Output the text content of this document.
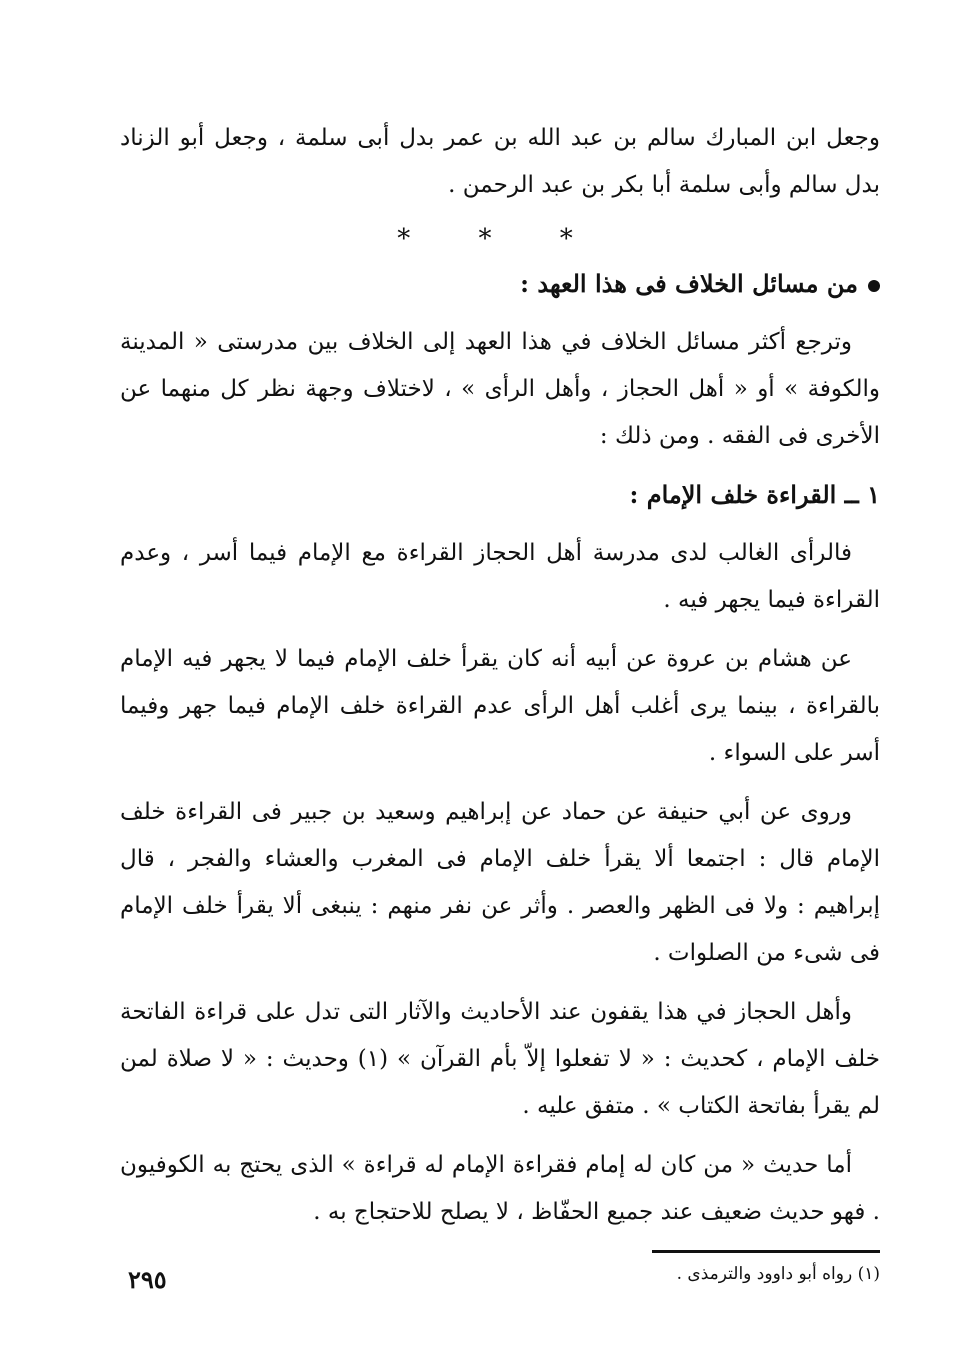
وجعل ابن المبارك سالم بن عبد الله بن عمر بدل أبى سلمة ، وجعل أبو الزناد بدل سالم وأبى سلمة أبا بكر بن عبد الرحمن .

* * *
من مسائل الخلاف فى هذا العهد :

وترجع أكثر مسائل الخلاف في هذا العهد إلى الخلاف بين مدرستى « المدينة والكوفة » أو « أهل الحجاز ، وأهل الرأى » ، لاختلاف وجهة نظر كل منهما عن الأخرى فى الفقه . ومن ذلك :

١ ــ القراءة خلف الإمام :

فالرأى الغالب لدى مدرسة أهل الحجاز القراءة مع الإمام فيما أسر ، وعدم القراءة فيما يجهر فيه .

عن هشام بن عروة عن أبيه أنه كان يقرأ خلف الإمام فيما لا يجهر فيه الإمام بالقراءة ، بينما يرى أغلب أهل الرأى عدم القراءة خلف الإمام فيما جهر وفيما أسر على السواء .

وروى عن أبي حنيفة عن حماد عن إبراهيم وسعيد بن جبير فى القراءة خلف الإمام قال : اجتمعا ألا يقرأ خلف الإمام فى المغرب والعشاء والفجر ، قال إبراهيم : ولا فى الظهر والعصر . وأثر عن نفر منهم : ينبغى ألا يقرأ خلف الإمام فى شىء من الصلوات .

وأهل الحجاز في هذا يقفون عند الأحاديث والآثار التى تدل على قراءة الفاتحة خلف الإمام ، كحديث : « لا تفعلوا إلاّ بأم القرآن » (١) وحديث : « لا صلاة لمن لم يقرأ بفاتحة الكتاب » . متفق عليه .

أما حديث « من كان له إمام فقراءة الإمام له قراءة » الذى يحتج به الكوفيون . فهو حديث ضعيف عند جميع الحفّاظ ، لا يصلح للاحتجاج به .

(١) رواه أبو داوود والترمذى .

٢٩٥
